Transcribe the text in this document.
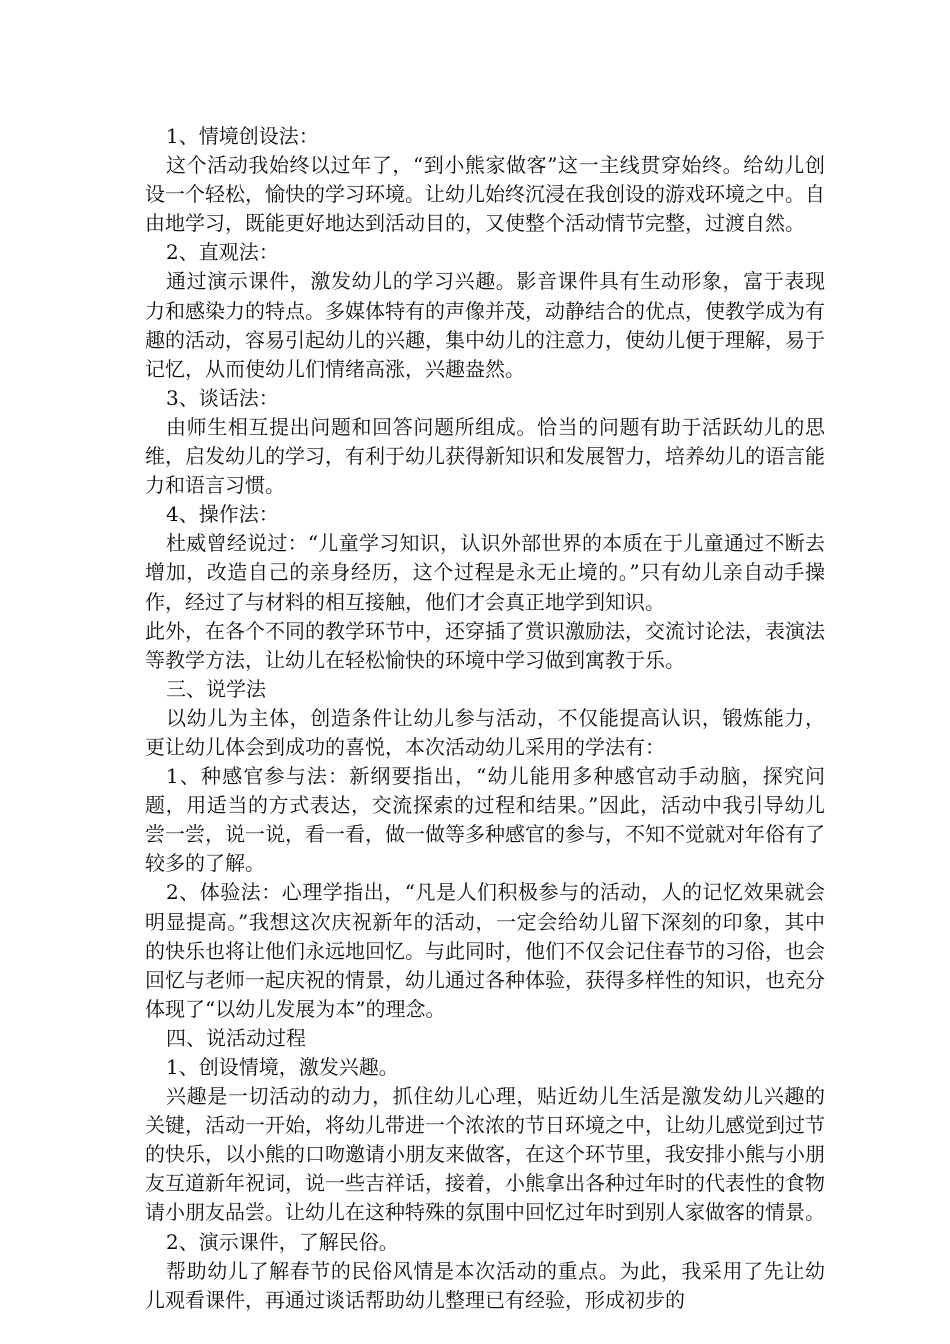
1、情境创设法：

这个活动我始终以过年了，“到小熊家做客”这一主线贯穿始终。给幼儿创设一个轻松，愉快的学习环境。让幼儿始终沉浸在我创设的游戏环境之中。自由地学习，既能更好地达到活动目的，又使整个活动情节完整，过渡自然。

2、直观法：

通过演示课件，激发幼儿的学习兴趣。影音课件具有生动形象，富于表现力和感染力的特点。多媒体特有的声像并茂，动静结合的优点，使教学成为有趣的活动，容易引起幼儿的兴趣，集中幼儿的注意力，使幼儿便于理解，易于记忆，从而使幼儿们情绪高涨，兴趣盎然。

3、谈话法：

由师生相互提出问题和回答问题所组成。恰当的问题有助于活跃幼儿的思维，启发幼儿的学习，有利于幼儿获得新知识和发展智力，培养幼儿的语言能力和语言习惯。

4、操作法：

杜威曾经说过：“儿童学习知识，认识外部世界的本质在于儿童通过不断去增加，改造自己的亲身经历，这个过程是永无止境的。”只有幼儿亲自动手操作，经过了与材料的相互接触，他们才会真正地学到知识。

此外，在各个不同的教学环节中，还穿插了赏识激励法，交流讨论法，表演法等教学方法，让幼儿在轻松愉快的环境中学习做到寓教于乐。

三、说学法

以幼儿为主体，创造条件让幼儿参与活动，不仅能提高认识，锻炼能力，更让幼儿体会到成功的喜悦，本次活动幼儿采用的学法有：

1、种感官参与法：新纲要指出，“幼儿能用多种感官动手动脑，探究问题，用适当的方式表达，交流探索的过程和结果。”因此，活动中我引导幼儿尝一尝，说一说，看一看，做一做等多种感官的参与，不知不觉就对年俗有了较多的了解。

2、体验法：心理学指出，“凡是人们积极参与的活动，人的记忆效果就会明显提高。”我想这次庆祝新年的活动，一定会给幼儿留下深刻的印象，其中的快乐也将让他们永远地回忆。与此同时，他们不仅会记住春节的习俗，也会回忆与老师一起庆祝的情景，幼儿通过各种体验，获得多样性的知识，也充分体现了“以幼儿发展为本”的理念。

四、说活动过程

1、创设情境，激发兴趣。

兴趣是一切活动的动力，抓住幼儿心理，贴近幼儿生活是激发幼儿兴趣的关键，活动一开始，将幼儿带进一个浓浓的节日环境之中，让幼儿感觉到过节的快乐，以小熊的口吻邀请小朋友来做客，在这个环节里，我安排小熊与小朋友互道新年祝词，说一些吉祥话，接着，小熊拿出各种过年时的代表性的食物请小朋友品尝。让幼儿在这种特殊的氛围中回忆过年时到别人家做客的情景。

2、演示课件，了解民俗。

帮助幼儿了解春节的民俗风情是本次活动的重点。为此，我采用了先让幼儿观看课件，再通过谈话帮助幼儿整理已有经验，形成初步的
